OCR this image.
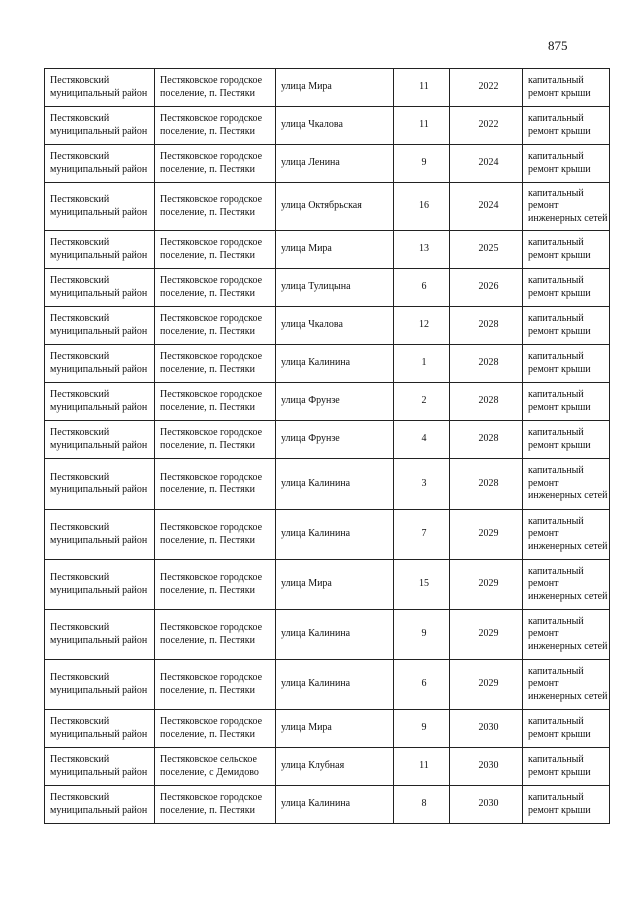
875
Пестяковский муниципальный район	Пестяковское городское поселение, п. Пестяки	улица Мира	11	2022	капитальный ремонт крыши
Пестяковский муниципальный район	Пестяковское городское поселение, п. Пестяки	улица Чкалова	11	2022	капитальный ремонт крыши
Пестяковский муниципальный район	Пестяковское городское поселение, п. Пестяки	улица Ленина	9	2024	капитальный ремонт крыши
Пестяковский муниципальный район	Пестяковское городское поселение, п. Пестяки	улица Октябрьская	16	2024	капитальный ремонт инженерных сетей
Пестяковский муниципальный район	Пестяковское городское поселение, п. Пестяки	улица Мира	13	2025	капитальный ремонт крыши
Пестяковский муниципальный район	Пестяковское городское поселение, п. Пестяки	улица Тулицына	6	2026	капитальный ремонт крыши
Пестяковский муниципальный район	Пестяковское городское поселение, п. Пестяки	улица Чкалова	12	2028	капитальный ремонт крыши
Пестяковский муниципальный район	Пестяковское городское поселение, п. Пестяки	улица Калинина	1	2028	капитальный ремонт крыши
Пестяковский муниципальный район	Пестяковское городское поселение, п. Пестяки	улица Фрунзе	2	2028	капитальный ремонт крыши
Пестяковский муниципальный район	Пестяковское городское поселение, п. Пестяки	улица Фрунзе	4	2028	капитальный ремонт крыши
Пестяковский муниципальный район	Пестяковское городское поселение, п. Пестяки	улица Калинина	3	2028	капитальный ремонт инженерных сетей
Пестяковский муниципальный район	Пестяковское городское поселение, п. Пестяки	улица Калинина	7	2029	капитальный ремонт инженерных сетей
Пестяковский муниципальный район	Пестяковское городское поселение, п. Пестяки	улица Мира	15	2029	капитальный ремонт инженерных сетей
Пестяковский муниципальный район	Пестяковское городское поселение, п. Пестяки	улица Калинина	9	2029	капитальный ремонт инженерных сетей
Пестяковский муниципальный район	Пестяковское городское поселение, п. Пестяки	улица Калинина	6	2029	капитальный ремонт инженерных сетей
Пестяковский муниципальный район	Пестяковское городское поселение, п. Пестяки	улица Мира	9	2030	капитальный ремонт крыши
Пестяковский муниципальный район	Пестяковское сельское поселение, с Демидово	улица Клубная	11	2030	капитальный ремонт крыши
Пестяковский муниципальный район	Пестяковское городское поселение, п. Пестяки	улица Калинина	8	2030	капитальный ремонт крыши
